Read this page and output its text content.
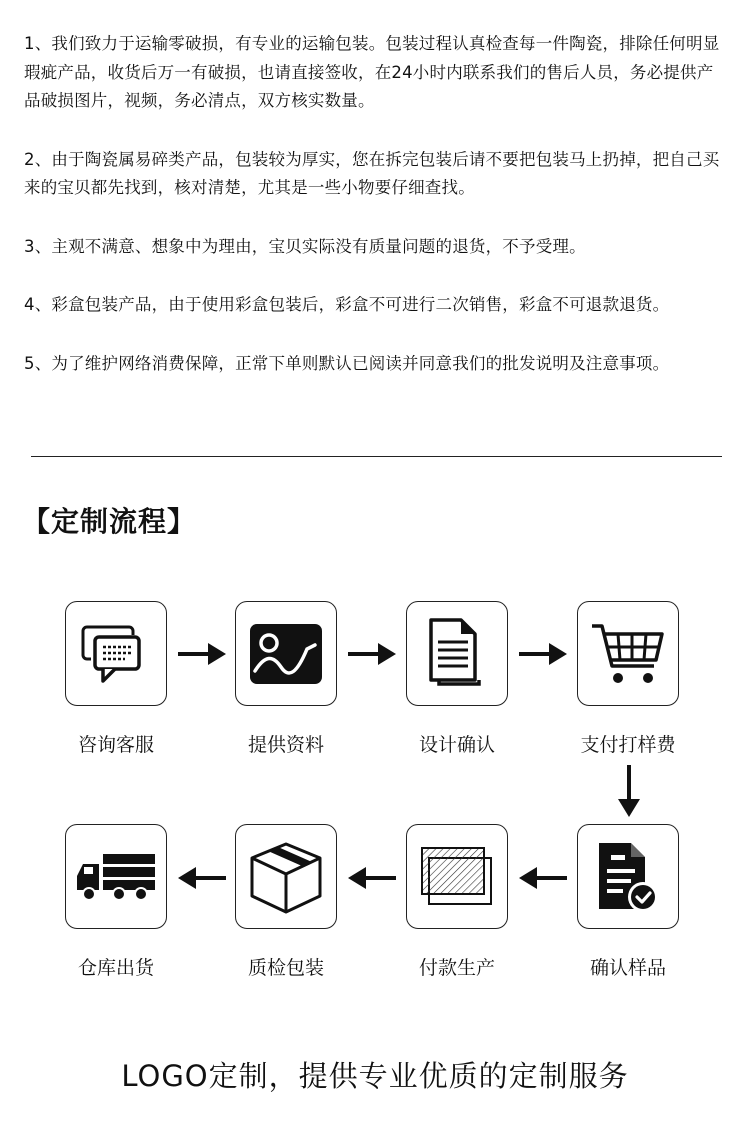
1、我们致力于运输零破损，有专业的运输包装。包装过程认真检查每一件陶瓷，排除任何明显瑕疵产品，收货后万一有破损，也请直接签收，在24小时内联系我们的售后人员，务必提供产品破损图片，视频，务必清点，双方核实数量。

2、由于陶瓷属易碎类产品，包装较为厚实，您在拆完包装后请不要把包装马上扔掉，把自己买来的宝贝都先找到，核对清楚，尤其是一些小物要仔细查找。

3、主观不满意、想象中为理由，宝贝实际没有质量问题的退货，不予受理。

4、彩盒包装产品，由于使用彩盒包装后，彩盒不可进行二次销售，彩盒不可退款退货。

5、为了维护网络消费保障，正常下单则默认已阅读并同意我们的批发说明及注意事项。

【定制流程】
咨询客服	提供资料	设计确认	支付打样费
确认样品
付款生产
质检包装
仓库出货
LOGO定制，提供专业优质的定制服务
